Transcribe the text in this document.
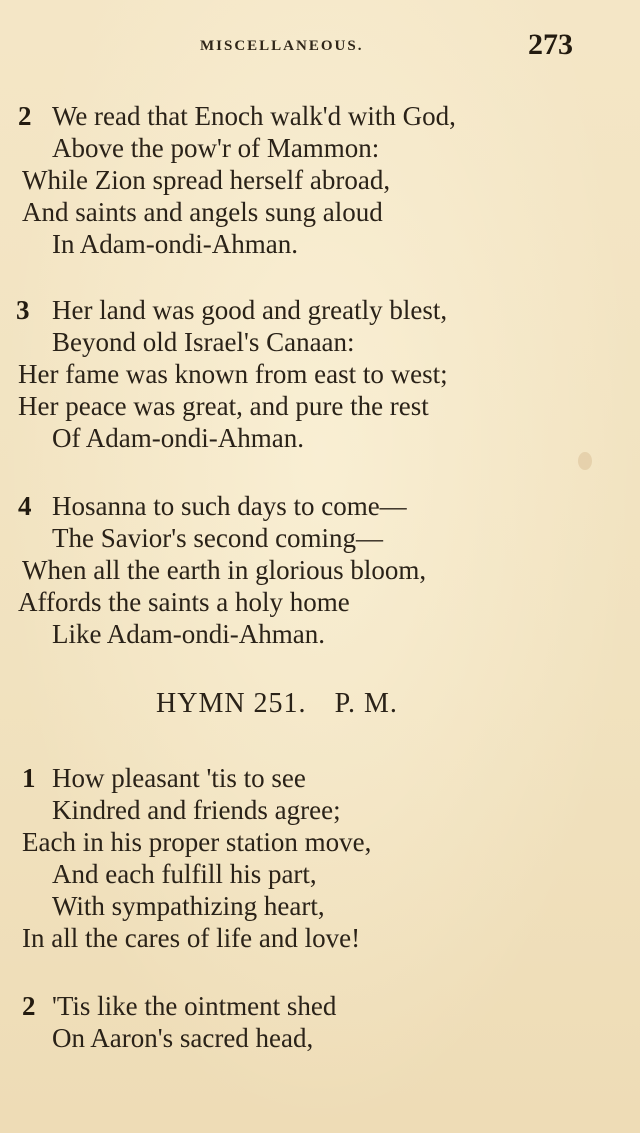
MISCELLANEOUS.	273
2 We read that Enoch walk'd with God,
Above the pow'r of Mammon:
While Zion spread herself abroad,
And saints and angels sung aloud
In Adam-ondi-Ahman.
3 Her land was good and greatly blest,
Beyond old Israel's Canaan:
Her fame was known from east to west;
Her peace was great, and pure the rest
Of Adam-ondi-Ahman.
4 Hosanna to such days to come—
The Savior's second coming—
When all the earth in glorious bloom,
Affords the saints a holy home
Like Adam-ondi-Ahman.
HYMN 251. P. M.
1 How pleasant 'tis to see
Kindred and friends agree;
Each in his proper station move,
And each fulfill his part,
With sympathizing heart,
In all the cares of life and love!
2 'Tis like the ointment shed
On Aaron's sacred head,
